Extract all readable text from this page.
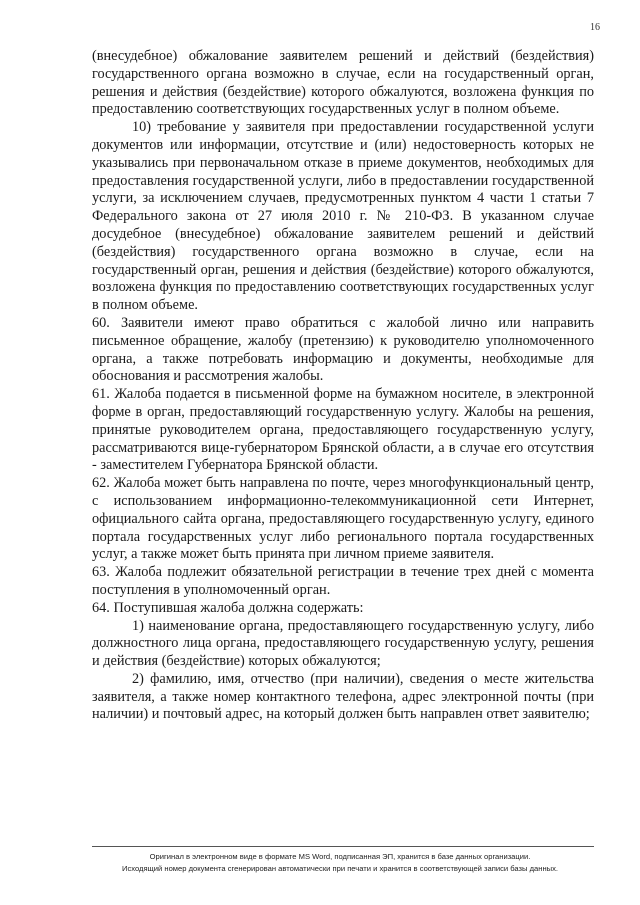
16

(внесудебное) обжалование заявителем решений и действий (бездействия) государственного органа возможно в случае, если на государственный орган, решения и действия (бездействие) которого обжалуются, возложена функция по предоставлению соответствующих государственных услуг в полном объеме.

10) требование у заявителя при предоставлении государственной услуги документов или информации, отсутствие и (или) недостоверность которых не указывались при первоначальном отказе в приеме документов, необходимых для предоставления государственной услуги, либо в предоставлении государственной услуги, за исключением случаев, предусмотренных пунктом 4 части 1 статьи 7 Федерального закона от 27 июля 2010 г. № 210-ФЗ. В указанном случае досудебное (внесудебное) обжалование заявителем решений и действий (бездействия) государственного органа возможно в случае, если на государственный орган, решения и действия (бездействие) которого обжалуются, возложена функция по предоставлению соответствующих государственных услуг в полном объеме.

60. Заявители имеют право обратиться с жалобой лично или направить письменное обращение, жалобу (претензию) к руководителю уполномоченного органа, а также потребовать информацию и документы, необходимые для обоснования и рассмотрения жалобы.

61. Жалоба подается в письменной форме на бумажном носителе, в электронной форме в орган, предоставляющий государственную услугу. Жалобы на решения, принятые руководителем органа, предоставляющего государственную услугу, рассматриваются вице-губернатором Брянской области, а в случае его отсутствия - заместителем Губернатора Брянской области.

62. Жалоба может быть направлена по почте, через многофункциональный центр, с использованием информационно-телекоммуникационной сети Интернет, официального сайта органа, предоставляющего государственную услугу, единого портала государственных услуг либо регионального портала государственных услуг, а также может быть принята при личном приеме заявителя.

63. Жалоба подлежит обязательной регистрации в течение трех дней с момента поступления в уполномоченный орган.

64. Поступившая жалоба должна содержать:

1) наименование органа, предоставляющего государственную услугу, либо должностного лица органа, предоставляющего государственную услугу, решения и действия (бездействие) которых обжалуются;

2) фамилию, имя, отчество (при наличии), сведения о месте жительства заявителя, а также номер контактного телефона, адрес электронной почты (при наличии) и почтовый адрес, на который должен быть направлен ответ заявителю;

Оригинал в электронном виде в формате MS Word, подписанная ЭП, хранится в базе данных организации.
Исходящий номер документа сгенерирован автоматически при печати и хранится в соответствующей записи базы данных.
